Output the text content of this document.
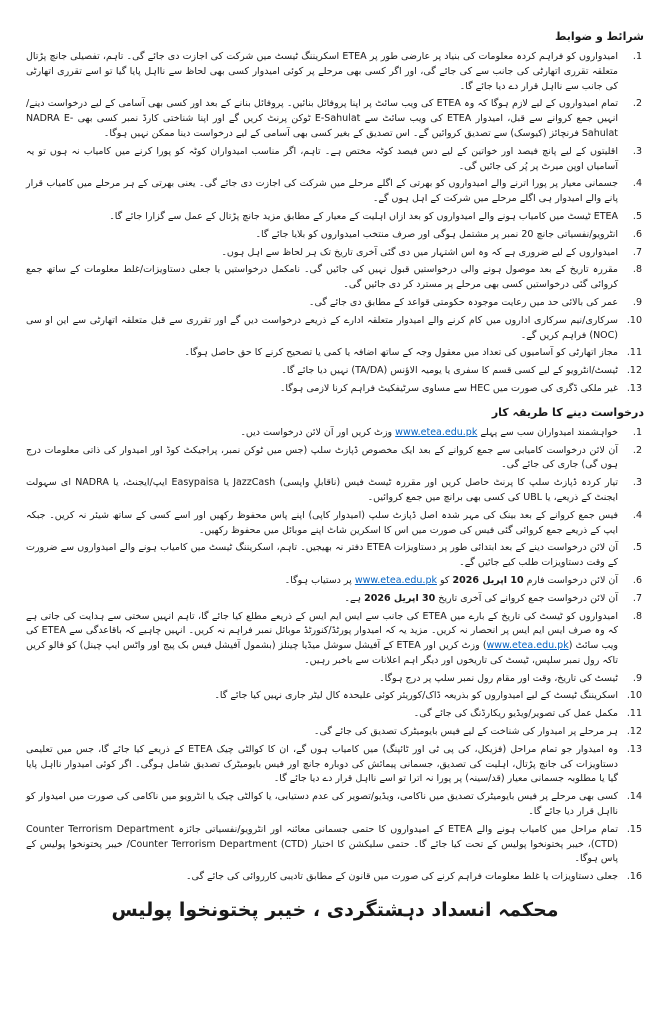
شرائط و ضوابط
1.
امیدواروں کو فراہم کردہ معلومات کی بنیاد پر عارضی طور پر ETEA اسکریننگ ٹیسٹ میں شرکت کی اجازت دی جائے گی۔ تاہم، تفصیلی جانچ پڑتال متعلقہ تقرری اتھارٹی کی جانب سے کی جائے گی، اور اگر کسی بھی مرحلے پر کوئی امیدوار کسی بھی لحاظ سے نااہل پایا گیا تو اسے تقرری اتھارٹی کی جانب سے نااہل قرار دے دیا جائے گا۔
2.
تمام امیدواروں کے لیے لازم ہوگا کہ وہ ETEA کی ویب سائٹ پر اپنا پروفائل بنائیں۔ پروفائل بنانے کے بعد اور کسی بھی آسامی کے لیے درخواست دینے/انہیں جمع کروانے سے قبل، امیدوار ETEA کی ویب سائٹ سے E-Sahulat ٹوکن پرنٹ کریں گے اور اپنا شناختی کارڈ نمبر کسی بھی NADRA E-Sahulat فرنچائز (کیوسک) سے تصدیق کروائیں گے۔ اس تصدیق کے بغیر کسی بھی آسامی کے لیے درخواست دینا ممکن نہیں ہوگا۔
3.
اقلیتوں کے لیے پانچ فیصد اور خواتین کے لیے دس فیصد کوٹہ مختص ہے۔ تاہم، اگر مناسب امیدواران کوٹہ کو پورا کرنے میں کامیاب نہ ہوں تو یہ آسامیاں اوپن میرٹ پر پُر کی جائیں گی۔
4.
جسمانی معیار پر پورا اترنے والے امیدواروں کو بھرتی کے اگلے مرحلے میں شرکت کی اجازت دی جائے گی۔ یعنی بھرتی کے ہر مرحلے میں کامیاب قرار پانے والے امیدوار ہی اگلے مرحلے میں شرکت کے اہل ہوں گے۔
5.
ETEA ٹیسٹ میں کامیاب ہونے والے امیدواروں کو بعد ازاں اہلیت کے معیار کے مطابق مزید جانچ پڑتال کے عمل سے گزارا جائے گا۔
6.
انٹرویو/نفسیاتی جانچ 20 نمبر پر مشتمل ہوگی اور صرف منتخب امیدواروں کو بلایا جائے گا۔
7.
امیدواروں کے لیے ضروری ہے کہ وہ اس اشتہار میں دی گئی آخری تاریخ تک ہر لحاظ سے اہل ہوں۔
8.
مقررہ تاریخ کے بعد موصول ہونے والی درخواستیں قبول نہیں کی جائیں گی۔ نامکمل درخواستیں یا جعلی دستاویزات/غلط معلومات کے ساتھ جمع کروائی گئی درخواستیں کسی بھی مرحلے پر مسترد کر دی جائیں گی۔
9.
عمر کی بالائی حد میں رعایت موجودہ حکومتی قواعد کے مطابق دی جائے گی۔
10.
سرکاری/نیم سرکاری اداروں میں کام کرنے والے امیدوار متعلقہ ادارے کے ذریعے درخواست دیں گے اور تقرری سے قبل متعلقہ اتھارٹی سے این او سی (NOC) فراہم کریں گے۔
11.
مجاز اتھارٹی کو آسامیوں کی تعداد میں معقول وجہ کے ساتھ اضافہ یا کمی یا تصحیح کرنے کا حق حاصل ہوگا۔
12.
ٹیسٹ/انٹرویو کے لیے کسی قسم کا سفری یا یومیہ الاؤنس (TA/DA) نہیں دیا جائے گا۔
13.
غیر ملکی ڈگری کی صورت میں HEC سے مساوی سرٹیفکیٹ فراہم کرنا لازمی ہوگا۔
درخواست دینے کا طریقہ کار
1.
خواہشمند امیدواران سب سے پہلے www.etea.edu.pk وزٹ کریں اور آن لائن درخواست دیں۔
2.
آن لائن درخواست کامیابی سے جمع کروانے کے بعد ایک مخصوص ڈپازٹ سلپ (جس میں ٹوکن نمبر، پراجیکٹ کوڈ اور امیدوار کی ذاتی معلومات درج ہوں گی) جاری کی جائے گی۔
3.
تیار کردہ ڈپازٹ سلپ کا پرنٹ حاصل کریں اور مقررہ ٹیسٹ فیس (ناقابلِ واپسی) JazzCash یا Easypaisa ایپ/ایجنٹ، یا NADRA ای سہولت ایجنٹ کے ذریعے، یا UBL کی کسی بھی برانچ میں جمع کروائیں۔
4.
فیس جمع کروانے کے بعد بینک کی مہر شدہ اصل ڈپازٹ سلپ (امیدوار کاپی) اپنے پاس محفوظ رکھیں اور اسے کسی کے ساتھ شیئر نہ کریں۔ جبکہ ایپ کے ذریعے جمع کروائی گئی فیس کی صورت میں اس کا اسکرین شاٹ اپنے موبائل میں محفوظ رکھیں۔
5.
آن لائن درخواست دینے کے بعد ابتدائی طور پر دستاویزات ETEA دفتر نہ بھیجیں۔ تاہم، اسکریننگ ٹیسٹ میں کامیاب ہونے والے امیدواروں سے ضرورت کے وقت دستاویزات طلب کیے جائیں گے۔
6.
آن لائن درخواست فارم 10 اپریل 2026 کو www.etea.edu.pk پر دستیاب ہوگا۔
7.
آن لائن درخواست جمع کروانے کی آخری تاریخ 30 اپریل 2026 ہے۔
8.
امیدواروں کو ٹیسٹ کی تاریخ کے بارے میں ETEA کی جانب سے ایس ایم ایس کے ذریعے مطلع کیا جائے گا، تاہم انہیں سختی سے ہدایت کی جاتی ہے کہ وہ صرف ایس ایم ایس پر انحصار نہ کریں۔ مزید یہ کہ امیدوار پورٹڈ/کنورٹڈ موبائل نمبر فراہم نہ کریں۔ انہیں چاہیے کہ باقاعدگی سے ETEA کی ویب سائٹ (www.etea.edu.pk) وزٹ کریں اور ETEA کے آفیشل سوشل میڈیا چینلز (بشمول آفیشل فیس بک پیج اور واٹس ایپ چینل) کو فالو کریں تاکہ رول نمبر سلپس، ٹیسٹ کی تاریخوں اور دیگر اہم اعلانات سے باخبر رہیں۔
9.
ٹیسٹ کی تاریخ، وقت اور مقام رول نمبر سلپ پر درج ہوگا۔
10.
اسکریننگ ٹیسٹ کے لیے امیدواروں کو بذریعہ ڈاک/کوریئر کوئی علیحدہ کال لیٹر جاری نہیں کیا جائے گا۔
11.
مکمل عمل کی تصویر/ویڈیو ریکارڈنگ کی جائے گی۔
12.
ہر مرحلے پر امیدوار کی شناخت کے لیے فیس بایومیٹرک تصدیق کی جائے گی۔
13.
وہ امیدوار جو تمام مراحل (فزیکل، کی پی ٹی اور ٹائپنگ) میں کامیاب ہوں گے، ان کا کوالٹی چیک ETEA کے ذریعے کیا جائے گا، جس میں تعلیمی دستاویزات کی جانچ پڑتال، اہلیت کی تصدیق، جسمانی پیمائش کی دوبارہ جانچ اور فیس بایومیٹرک تصدیق شامل ہوگی۔ اگر کوئی امیدوار نااہل پایا گیا یا مطلوبہ جسمانی معیار (قد/سینہ) پر پورا نہ اترا تو اسے نااہل قرار دے دیا جائے گا۔
14.
کسی بھی مرحلے پر فیس بایومیٹرک تصدیق میں ناکامی، ویڈیو/تصویر کی عدم دستیابی، یا کوالٹی چیک یا انٹرویو میں ناکامی کی صورت میں امیدوار کو نااہل قرار دیا جائے گا۔
15.
تمام مراحل میں کامیاب ہونے والے ETEA کے امیدواروں کا حتمی جسمانی معائنہ اور انٹرویو/نفسیاتی جائزہ Counter Terrorism Department (CTD)، خیبر پختونخوا پولیس کے تحت کیا جائے گا۔ حتمی سلیکشن کا اختیار Counter Terrorism Department (CTD)/ خیبر پختونخوا پولیس کے پاس ہوگا۔
16.
جعلی دستاویزات یا غلط معلومات فراہم کرنے کی صورت میں قانون کے مطابق تادیبی کارروائی کی جائے گی۔
محکمہ انسداد دہشتگردی ، خیبر پختونخوا پولیس
